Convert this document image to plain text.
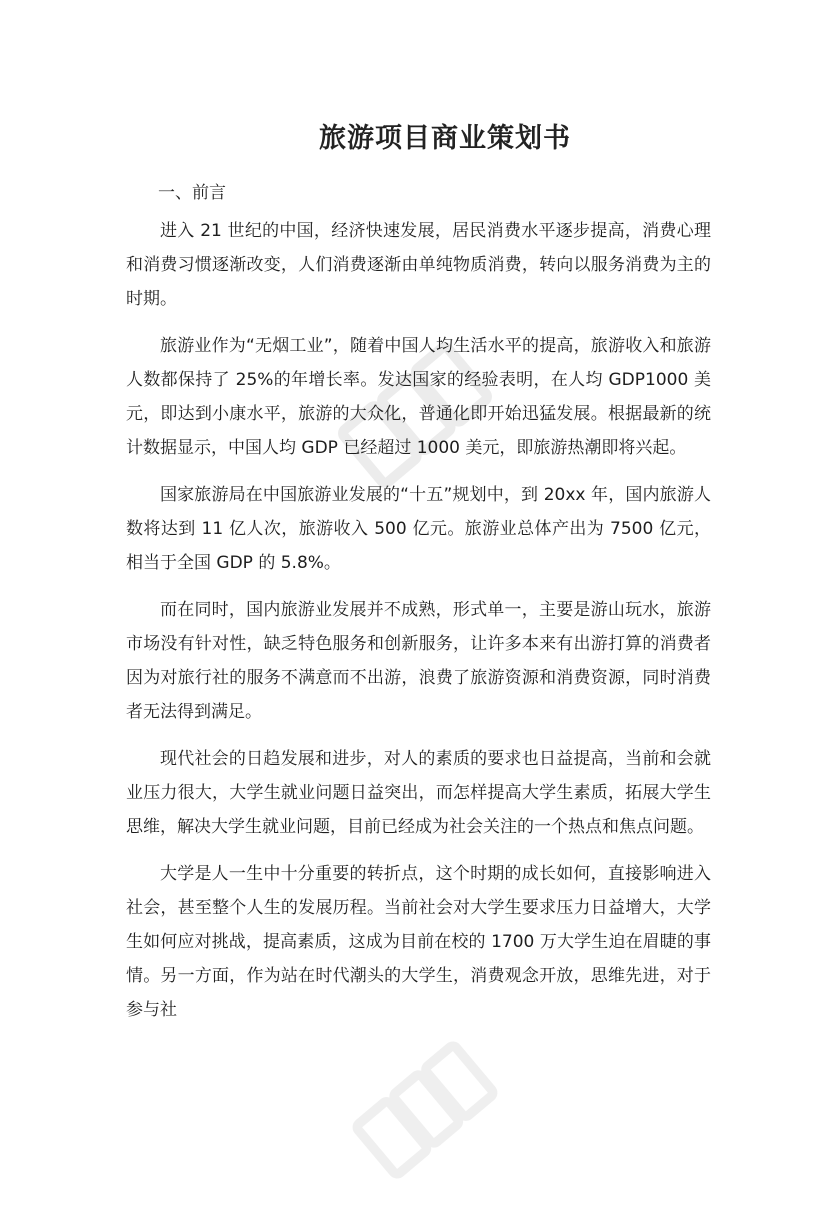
旅游项目商业策划书
一、前言

进入 21 世纪的中国，经济快速发展，居民消费水平逐步提高，消费心理和消费习惯逐渐改变，人们消费逐渐由单纯物质消费，转向以服务消费为主的时期。

旅游业作为“无烟工业”，随着中国人均生活水平的提高，旅游收入和旅游人数都保持了 25%的年增长率。发达国家的经验表明，在人均 GDP1000 美元，即达到小康水平，旅游的大众化，普通化即开始迅猛发展。根据最新的统计数据显示，中国人均 GDP 已经超过 1000 美元，即旅游热潮即将兴起。

国家旅游局在中国旅游业发展的“十五”规划中，到 20xx 年，国内旅游人数将达到 11 亿人次，旅游收入 500 亿元。旅游业总体产出为 7500 亿元，相当于全国 GDP 的 5.8%。

而在同时，国内旅游业发展并不成熟，形式单一，主要是游山玩水，旅游市场没有针对性，缺乏特色服务和创新服务，让许多本来有出游打算的消费者因为对旅行社的服务不满意而不出游，浪费了旅游资源和消费资源，同时消费者无法得到满足。

现代社会的日趋发展和进步，对人的素质的要求也日益提高，当前和会就业压力很大，大学生就业问题日益突出，而怎样提高大学生素质，拓展大学生思维，解决大学生就业问题，目前已经成为社会关注的一个热点和焦点问题。

大学是人一生中十分重要的转折点，这个时期的成长如何，直接影响进入社会，甚至整个人生的发展历程。当前社会对大学生要求压力日益增大，大学生如何应对挑战，提高素质，这成为目前在校的 1700 万大学生迫在眉睫的事情。另一方面，作为站在时代潮头的大学生，消费观念开放，思维先进，对于参与社
